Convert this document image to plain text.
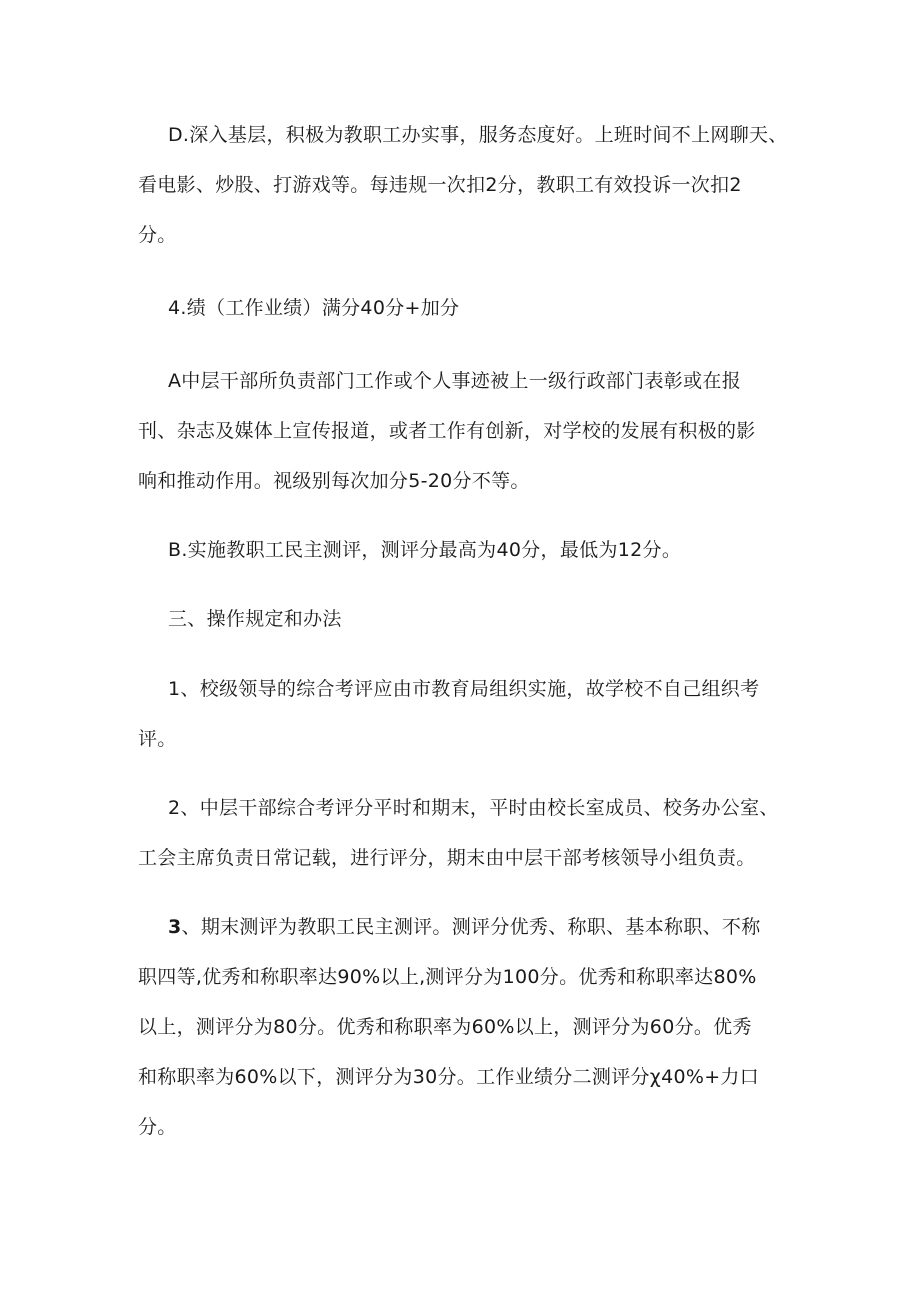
D.深入基层，积极为教职工办实事，服务态度好。上班时间不上网聊天、
看电影、炒股、打游戏等。每违规一次扣2分，教职工有效投诉一次扣2
分。

4.绩（工作业绩）满分40分+加分

A中层干部所负责部门工作或个人事迹被上一级行政部门表彰或在报
刊、杂志及媒体上宣传报道，或者工作有创新，对学校的发展有积极的影
响和推动作用。视级别每次加分5-20分不等。

B.实施教职工民主测评，测评分最高为40分，最低为12分。

三、操作规定和办法

1、校级领导的综合考评应由市教育局组织实施，故学校不自己组织考
评。

2、中层干部综合考评分平时和期末，平时由校长室成员、校务办公室、
工会主席负责日常记载，进行评分，期末由中层干部考核领导小组负责。

3、期末测评为教职工民主测评。测评分优秀、称职、基本称职、不称
职四等,优秀和称职率达90%以上,测评分为100分。优秀和称职率达80%
以上，测评分为80分。优秀和称职率为60%以上，测评分为60分。优秀
和称职率为60%以下，测评分为30分。工作业绩分二测评分χ40%+力口
分。
